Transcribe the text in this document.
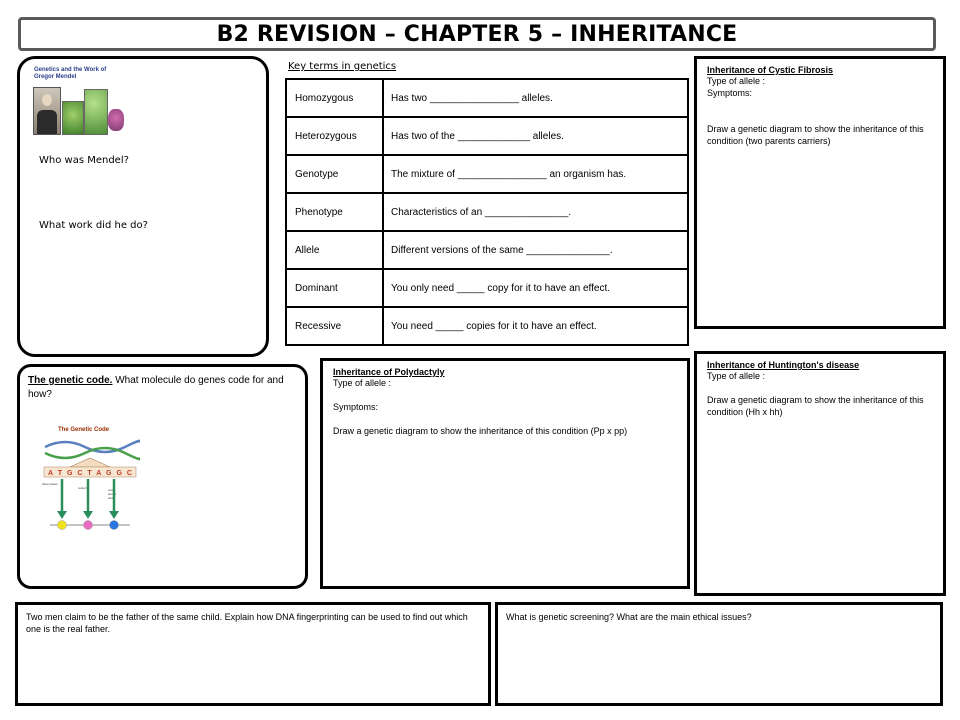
B2 REVISION – CHAPTER 5 – INHERITANCE
Genetics and the Work of Gregor Mendel
Who was Mendel?
What work did he do?
Key terms in genetics
Homozygous	Has two ________________ alleles.
Heterozygous	Has two of the _____________ alleles.
Genotype	The mixture of ________________ an organism has.
Phenotype	Characteristics of an _______________.
Allele	Different versions of the same _______________.
Dominant	You only need _____ copy for it to have an effect.
Recessive	You need _____ copies for it to have an effect.
Inheritance of Cystic Fibrosis
Type of allele :
Symptoms:
Draw a genetic diagram to show the inheritance of this condition (two parents carriers)
Inheritance of Huntington's disease
Type of allele :
Draw a genetic diagram to show the inheritance of this condition (Hh x hh)
Inheritance of Polydactyly
Type of allele :
Symptoms:
Draw a genetic diagram to show the inheritance of this condition (Pp x pp)
The genetic code. What molecule do genes code for and how?
The Genetic Code
A T G C T A G G C
three bases
code for	one
amino
acid
Two men claim to be the father of the same child. Explain how DNA fingerprinting can be used to find out which one is the real father.
What is genetic screening? What are the main ethical issues?
